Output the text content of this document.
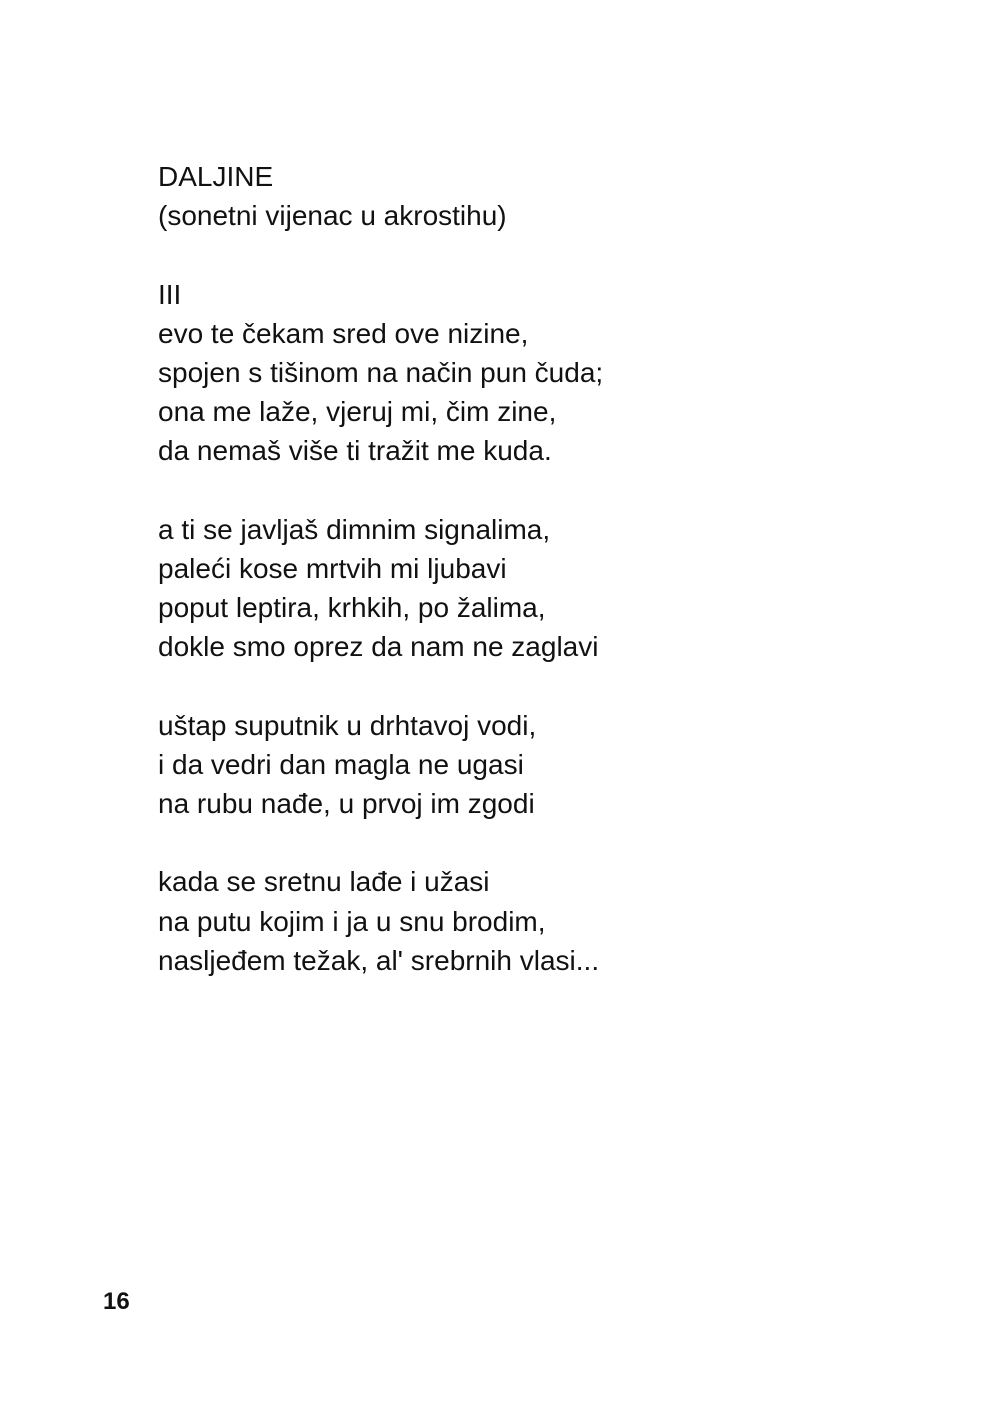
DALJINE
(sonetni vijenac u akrostihu)
III
evo te čekam sred ove nizine,
spojen s tišinom na način pun čuda;
ona me laže, vjeruj mi, čim zine,
da nemaš više ti tražit me kuda.
a ti se javljaš dimnim signalima,
paleći kose mrtvih mi ljubavi
poput leptira, krhkih, po žalima,
dokle smo oprez da nam ne zaglavi
uštap suputnik u drhtavoj vodi,
i da vedri dan magla ne ugasi
na rubu nađe, u prvoj im zgodi
kada se sretnu lađe i užasi
na putu kojim i ja u snu brodim,
nasljeđem težak, al' srebrnih vlasi...
16
